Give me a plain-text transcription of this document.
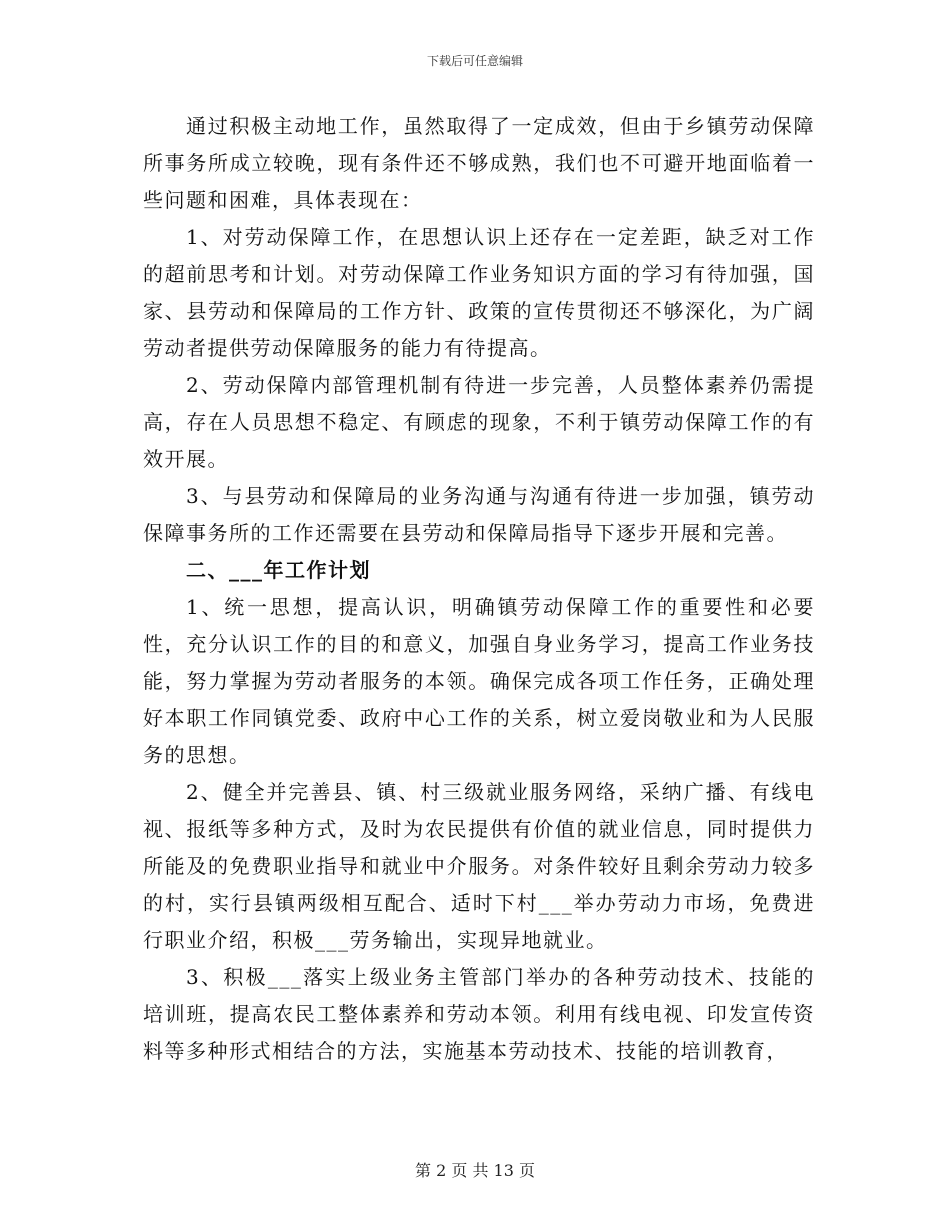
下载后可任意编辑

通过积极主动地工作，虽然取得了一定成效，但由于乡镇劳动保障所事务所成立较晚，现有条件还不够成熟，我们也不可避开地面临着一些问题和困难，具体表现在：

1、对劳动保障工作，在思想认识上还存在一定差距，缺乏对工作的超前思考和计划。对劳动保障工作业务知识方面的学习有待加强，国家、县劳动和保障局的工作方针、政策的宣传贯彻还不够深化，为广阔劳动者提供劳动保障服务的能力有待提高。

2、劳动保障内部管理机制有待进一步完善，人员整体素养仍需提高，存在人员思想不稳定、有顾虑的现象，不利于镇劳动保障工作的有效开展。

3、与县劳动和保障局的业务沟通与沟通有待进一步加强，镇劳动保障事务所的工作还需要在县劳动和保障局指导下逐步开展和完善。

二、___年工作计划

1、统一思想，提高认识，明确镇劳动保障工作的重要性和必要性，充分认识工作的目的和意义，加强自身业务学习，提高工作业务技能，努力掌握为劳动者服务的本领。确保完成各项工作任务，正确处理好本职工作同镇党委、政府中心工作的关系，树立爱岗敬业和为人民服务的思想。

2、健全并完善县、镇、村三级就业服务网络，采纳广播、有线电视、报纸等多种方式，及时为农民提供有价值的就业信息，同时提供力所能及的免费职业指导和就业中介服务。对条件较好且剩余劳动力较多的村，实行县镇两级相互配合、适时下村___举办劳动力市场，免费进行职业介绍，积极___劳务输出，实现异地就业。

3、积极___落实上级业务主管部门举办的各种劳动技术、技能的培训班，提高农民工整体素养和劳动本领。利用有线电视、印发宣传资料等多种形式相结合的方法，实施基本劳动技术、技能的培训教育，

第 2 页 共 13 页
